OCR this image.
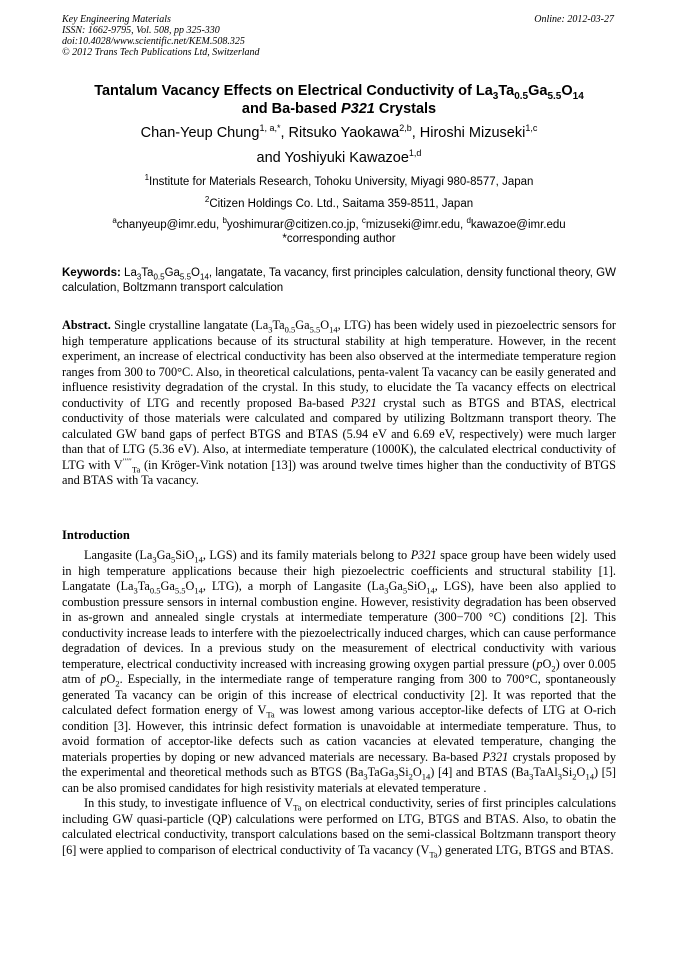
Key Engineering Materials
ISSN: 1662-9795, Vol. 508, pp 325-330
doi:10.4028/www.scientific.net/KEM.508.325
© 2012 Trans Tech Publications Ltd, Switzerland
Online: 2012-03-27
Tantalum Vacancy Effects on Electrical Conductivity of $La_3Ta_{0.5}Ga_{5.5}O_{14}$
and Ba-based P321 Crystals
Chan-Yeup Chung$^{1, a,*}$, Ritsuko Yaokawa$^{2,b}$, Hiroshi Mizuseki$^{1,c}$
and Yoshiyuki Kawazoe$^{1,d}$
$^1$Institute for Materials Research, Tohoku University, Miyagi 980-8577, Japan
$^2$Citizen Holdings Co. Ltd., Saitama 359-8511, Japan
$^a$chanyeup@imr.edu, $^b$yoshimurar@citizen.co.jp, $^c$mizuseki@imr.edu, $^d$kawazoe@imr.edu
*corresponding author
Keywords: $La_3Ta_{0.5}Ga_{5.5}O_{14}$, langatate, Ta vacancy, first principles calculation, density functional theory, GW calculation, Boltzmann transport calculation

Abstract. Single crystalline langatate ($La_3Ta_{0.5}Ga_{5.5}O_{14}$, LTG) has been widely used in piezoelectric sensors for high temperature applications because of its structural stability at high temperature. However, in the recent experiment, an increase of electrical conductivity has been also observed at the intermediate temperature region ranges from 300 to 700°C. Also, in theoretical calculations, penta-valent Ta vacancy can be easily generated and influence resistivity degradation of the crystal. In this study, to elucidate the Ta vacancy effects on electrical conductivity of LTG and recently proposed Ba-based P321 crystal such as BTGS and BTAS, electrical conductivity of those materials were calculated and compared by utilizing Boltzmann transport theory. The calculated GW band gaps of perfect BTGS and BTAS (5.94 eV and 6.69 eV, respectively) were much larger than that of LTG (5.36 eV). Also, at intermediate temperature (1000K), the calculated electrical conductivity of LTG with $V'''''_{Ta}$ (in Kröger-Vink notation [13]) was around twelve times higher than the conductivity of BTGS and BTAS with Ta vacancy.

Introduction

Langasite ($La_3Ga_5SiO_{14}$, LGS) and its family materials belong to P321 space group have been widely used in high temperature applications because their high piezoelectric coefficients and structural stability [1]. Langatate ($La_3Ta_{0.5}Ga_{5.5}O_{14}$, LTG), a morph of Langasite ($La_3Ga_5SiO_{14}$, LGS), have been also applied to combustion pressure sensors in internal combustion engine. However, resistivity degradation has been observed in as-grown and annealed single crystals at intermediate temperature (300−700 °C) conditions [2]. This conductivity increase leads to interfere with the piezoelectrically induced charges, which can cause performance degradation of devices. In a previous study on the measurement of electrical conductivity with various temperature, electrical conductivity increased with increasing growing oxygen partial pressure $(pO_2)$ over 0.005 atm of $pO_2$. Especially, in the intermediate range of temperature ranging from 300 to 700°C, spontaneously generated Ta vacancy can be origin of this increase of electrical conductivity [2]. It was reported that the calculated defect formation energy of $V_{Ta}$ was lowest among various acceptor-like defects of LTG at O-rich condition [3]. However, this intrinsic defect formation is unavoidable at intermediate temperature. Thus, to avoid formation of acceptor-like defects such as cation vacancies at elevated temperature, changing the materials properties by doping or new advanced materials are necessary. Ba-based P321 crystals proposed by the experimental and theoretical methods such as BTGS $(Ba_3TaGa_3Si_2O_{14})$ [4] and BTAS $(Ba_3TaAl_3Si_2O_{14})$ [5] can be also promised candidates for high resistivity materials at elevated temperature .

In this study, to investigate influence of $V_{Ta}$ on electrical conductivity, series of first principles calculations including GW quasi-particle (QP) calculations were performed on LTG, BTGS and BTAS. Also, to obatin the calculated electrical conductivity, transport calculations based on the semi-classical Boltzmann transport theory [6] were applied to comparison of electrical conductivity of Ta vacancy $(V_{Ta})$ generated LTG, BTGS and BTAS.
